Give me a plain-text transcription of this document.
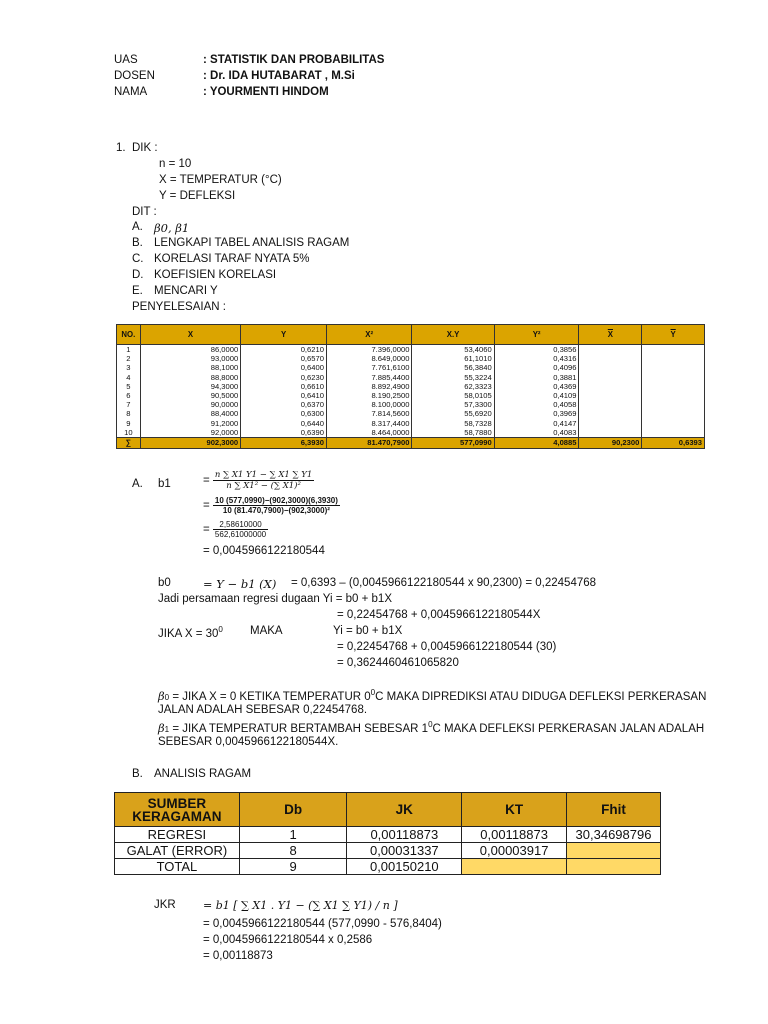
UAS	: STATISTIK DAN PROBABILITAS
DOSEN	: Dr. IDA HUTABARAT , M.Si
NAMA	: YOURMENTI HINDOM
1. DIK :
n = 10
X = TEMPERATUR (°C)
Y = DEFLEKSI
DIT :
A. β0, β1
B. LENGKAPI TABEL ANALISIS RAGAM
C. KORELASI TARAF NYATA 5%
D. KOEFISIEN KORELASI
E. MENCARI Y
PENYELESAIAN :
NO.	X	Y	X²	X.Y	Y²	$\overline{X}$	$\overline{Y}$
1	86,0000	0,6210	7.396,0000	53,4060	0,3856		
2	93,0000	0,6570	8.649,0000	61,1010	0,4316		
3	88,1000	0,6400	7.761,6100	56,3840	0,4096		
4	88,8000	0,6230	7.885,4400	55,3224	0,3881		
5	94,3000	0,6610	8.892,4900	62,3323	0,4369		
6	90,5000	0,6410	8.190,2500	58,0105	0,4109		
7	90,0000	0,6370	8.100,0000	57,3300	0,4058		
8	88,4000	0,6300	7.814,5600	55,6920	0,3969		
9	91,2000	0,6440	8.317,4400	58,7328	0,4147		
10	92,0000	0,6390	8.464,0000	58,7880	0,4083		
∑	902,3000	6,3930	81.470,7900	577,0990	4,0885	90,2300	0,6393
A. b1	= $\frac{n \sum X1 Y1 - \sum X1 \sum Y1}{\text{n ∑ X1² − (∑ X1)²}}$
= $\frac{10 (577,0990)-(902,3000)(6,3930)}{\text{10 (81.470,7900)−(902,3000)²}}$
= $\frac{2,58610000}{562,61000000}$
= 0,0045966122180544
b0	= Y − b1 (X) = 0,6393 – (0,0045966122180544 x 90,2300) = 0,22454768
Jadi persamaan regresi dugaan Yi = b0 + b1X
= 0,22454768 + 0,0045966122180544X
JIKA $X = 30^0$ MAKA	Yi = b0 + b1X
= 0,22454768 + 0,0045966122180544 (30)
= 0,3624460461065820
β0 = JIKA X = 0 KETIKA TEMPERATUR $0^0C$ MAKA DIPREDIKSI ATAU DIDUGA DEFLEKSI PERKERASAN
JALAN ADALAH SEBESAR 0,22454768.
β1 = JIKA TEMPERATUR BERTAMBAH SEBESAR $1^0C$ MAKA DEFLEKSI PERKERASAN JALAN ADALAH
SEBESAR 0,0045966122180544X.
B. ANALISIS RAGAM
SUMBER KERAGAMAN	Db	JK	KT	Fhit
REGRESI	1	0,00118873	0,00118873	30,34698796
GALAT (ERROR)	8	0,00031337	0,00003917	
TOTAL	9	0,00150210		
JKR = b1 [ ∑ X1 . Y1 − (∑ X1 ∑ Y1) / n ]
= 0,0045966122180544 (577,0990 - 576,8404)
= 0,0045966122180544 x 0,2586
= 0,00118873
